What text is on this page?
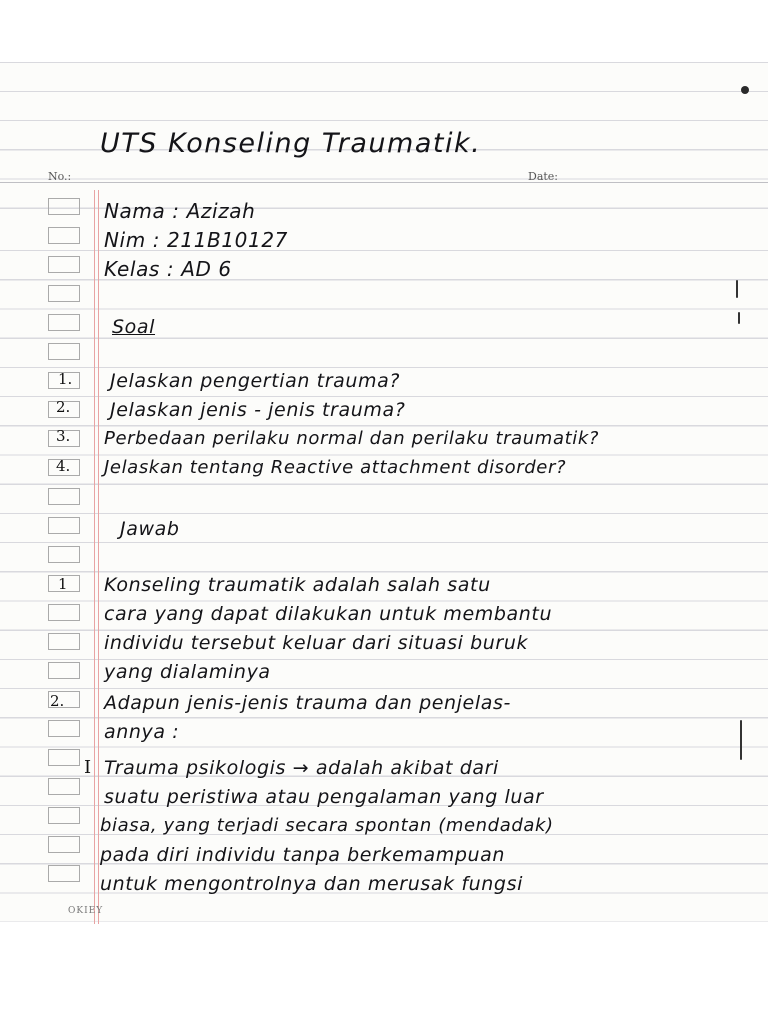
No.:	Date:
1.
2.
3.
4.
1
2.
I
UTS Konseling Traumatik.
Nama : Azizah
Nim : 211B10127
Kelas : AD 6
Soal
Jelaskan pengertian trauma?
Jelaskan jenis - jenis trauma?
Perbedaan perilaku normal dan perilaku traumatik?
Jelaskan tentang Reactive attachment disorder?
Jawab
Konseling traumatik adalah salah satu
cara yang dapat dilakukan untuk membantu
individu tersebut keluar dari situasi buruk
yang dialaminya
Adapun jenis-jenis trauma dan penjelas-
annya :
Trauma psikologis → adalah akibat dari
suatu peristiwa atau pengalaman yang luar
biasa, yang terjadi secara spontan (mendadak)
pada diri individu tanpa berkemampuan
untuk mengontrolnya dan merusak fungsi
OKIEY
